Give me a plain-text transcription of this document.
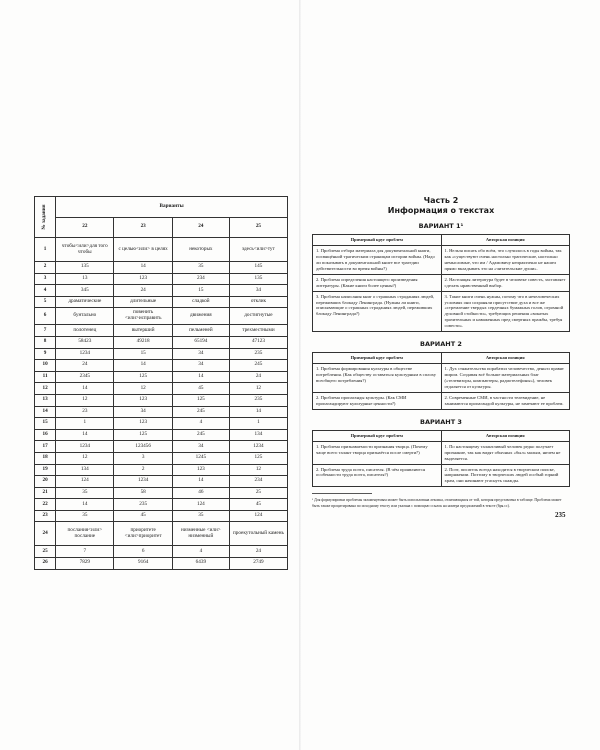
№ задания	Варианты			
	22	23	24	25
1	чтобы<или>для того чтобы	с целью<или> в целях	некоторых	здесь<или>тут
2	135	14	35	145
3	13	123	234	135
4	345	24	15	34
5	драматические	длительные	сладкой	отклик
6	бунтально	повенить <или>исправить	движения	достигнутые
7	полотенец	вытерший	пельменей	трехместными
8	58423	49218	65194	47123
9	1234	15	34	235
10	24	14	34	245
11	2345	125	14	24
12	14	12	45	12
13	12	123	125	235
14	23	34	245	14
15	1	123	4	1
16	14	125	245	134
17	1234	123456	34	1234
18	12	3	1245	125
19	134	2	123	12
20	124	1234	14	234
21	35	58	46	25
22	14	235	124	45
23	35	45	35	124
24	послания<или> послание	приоритете <или>приоритет	низменные <или> низменный	проекутольный камень
25	7	6	4	24
26	7829	9164	6439	2749
Часть 2
Информация о текстах

ВАРИАНТ 1¹

Примерный круг проблем	Авторская позиция
1. Проблема отбора материала для документальной книги, посвящённой трагическим страницам истории войны. (Надо ли показывать в документальной книге все трагедии действительности во время войны?)	1. Нельзя писать обо всём, что случилось в годы войны, так как «существуют очень настолько трагические, настолько немыслимые, что им / Адамовичу непрактично не нашел прямо вкладывать это на «читательские души».
2. Проблема определения настоящего произведения литературы. (Какие книги более ценны?)	2. Настоящая литература будет в человеке совесть, заставляет сделать нравственный выбор.
3. Проблема написания книг о страшных страданиях людей, переживших блокаду Ленинграда. (Нужны ли книги, описывающие о страшных страданиях людей, переживших блокаду Ленинграда?)	3. Такие книги очень нужны, потому что в нечеловеческих условиях они сохраняли присутствие духа и все же «стремление твердых сердечных бумажных голов, огромной духовной стойкости», требующих решения «вокатых эразительных и наваженных пред смертных пражбы, требуя совести».

ВАРИАНТ 2

Примерный круг проблем	Авторская позиция
1. Проблема формирования культуры в обществе потребления. (Как обществу оставаться культурным в сплоху всеобщего потребления?)	1. Дух стяжательства порабатил человечество, деньги правят миром. Создавая всё больше материальных благ («телевизоры, компьютеры, радиотелефоны»), человек отдаляется от культуры.
2. Проблема пропаганды культуры. (Как СМИ пропагандируют культурные ценности?)	2. Современные СМИ, в частности телевидение, не занимаются пропагандой культуры, не замечают ее проблем.

ВАРИАНТ 3

Примерный круг проблем	Авторская позиция
1. Проблема признаваемости признания творца. (Почему чаще всего талант творца признаётся после смерти?)	1. По настоящему талантливый человек редко получает признание, так как видят обычных «был» малым, ничем не выделяется.
2. Проблема труда поэта, писателя. (В чём проявляются особенности труда поэта, писателя?)	2. Поэт, писатель всегда находится в творческом поиске, напряжении. Поэтому в творческих людей особый горний храм, они начинают угаснуть скажды.
¹ Для формулировки проблемы экзаменуемым может быть использована лексика, отличающаяся от той, которая представлена в таблице. Проблема может быть также процитирована по исходному тексту или указана с помощью ссылок на номера предложений в тексте (6ря.сс).
235
